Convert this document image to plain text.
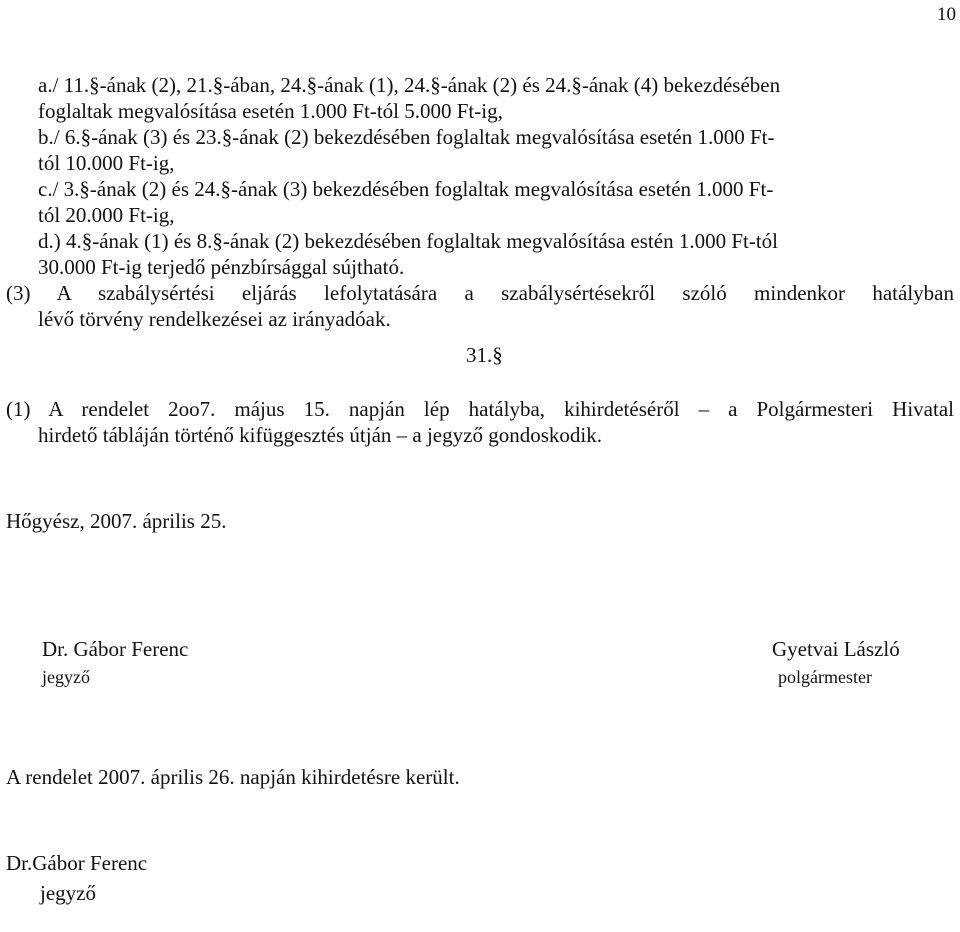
10
a./ 11.§-ának (2), 21.§-ában, 24.§-ának (1), 24.§-ának (2) és 24.§-ának (4) bekezdésében
foglaltak megvalósítása esetén 1.000 Ft-tól 5.000 Ft-ig,
b./ 6.§-ának (3) és 23.§-ának (2) bekezdésében foglaltak megvalósítása esetén 1.000 Ft-
tól 10.000 Ft-ig,
c./ 3.§-ának (2) és 24.§-ának (3) bekezdésében foglaltak megvalósítása esetén 1.000 Ft-
tól 20.000 Ft-ig,
d.) 4.§-ának (1) és 8.§-ának (2) bekezdésében foglaltak megvalósítása estén 1.000 Ft-tól
30.000 Ft-ig terjedő pénzbírsággal sújtható.
(3) A szabálysértési eljárás lefolytatására a szabálysértésekről szóló mindenkor hatályban
lévő törvény rendelkezései az irányadóak.
31.§
(1) A rendelet 2oo7. május 15. napján lép hatályba, kihirdetéséről – a Polgármesteri Hivatal
hirdető tábláján történő kifüggesztés útján – a jegyző gondoskodik.
Hőgyész, 2007. április 25.
Dr. Gábor Ferenc
jegyző
Gyetvai László
polgármester
A rendelet 2007. április 26. napján kihirdetésre került.
Dr.Gábor Ferenc
jegyző
